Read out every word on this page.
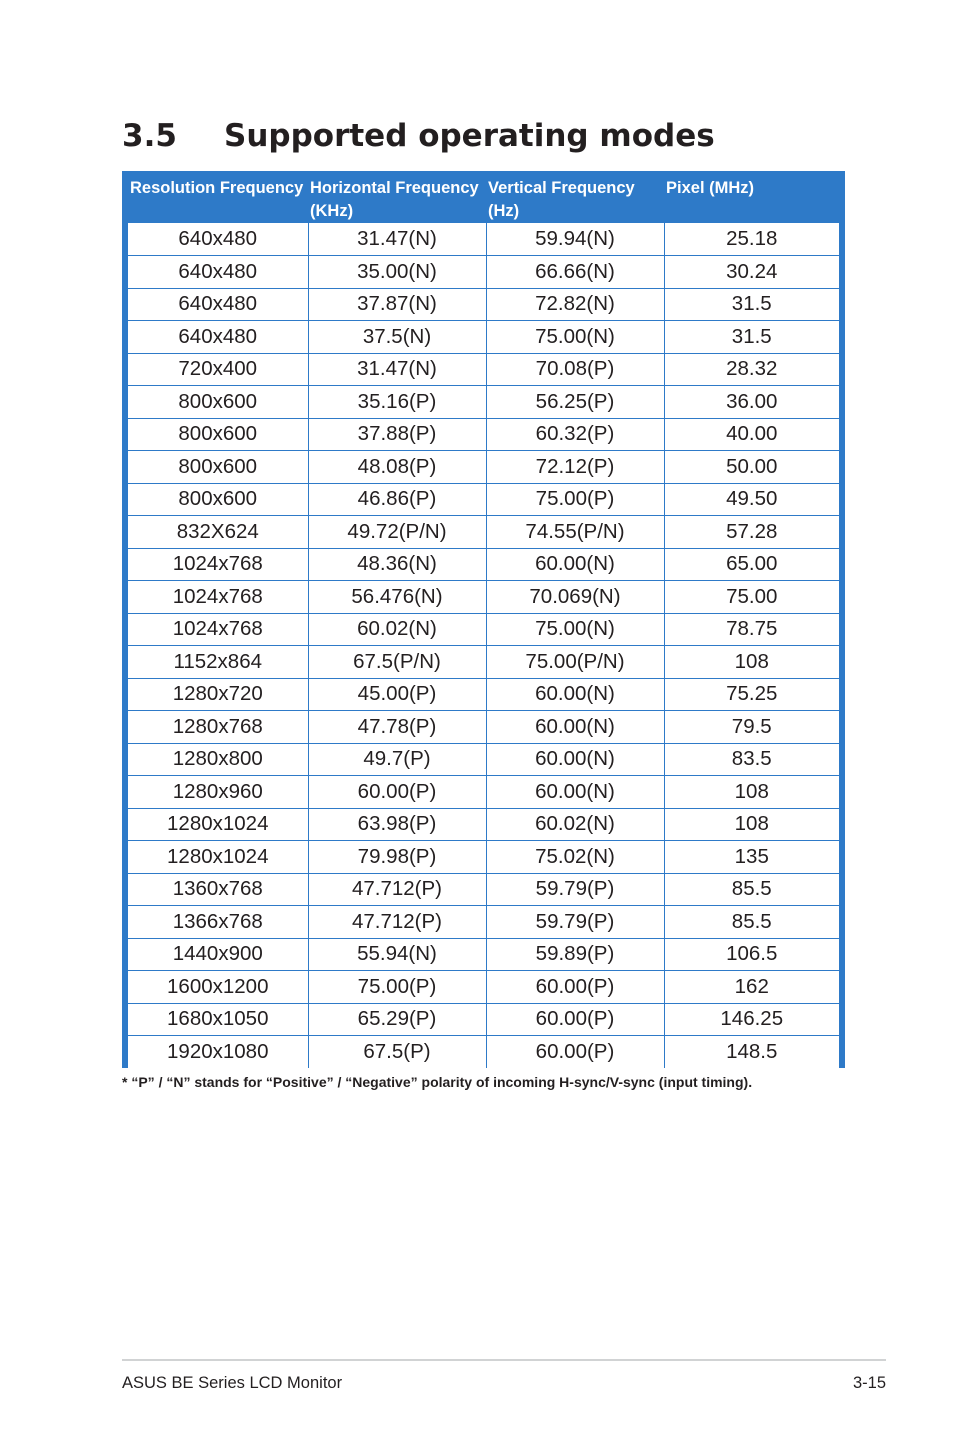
3.5 Supported operating modes
Resolution Frequency	Horizontal Frequency (KHz)	Vertical Frequency (Hz)	Pixel (MHz)
640x480	31.47(N)	59.94(N)	25.18
640x480	35.00(N)	66.66(N)	30.24
640x480	37.87(N)	72.82(N)	31.5
640x480	37.5(N)	75.00(N)	31.5
720x400	31.47(N)	70.08(P)	28.32
800x600	35.16(P)	56.25(P)	36.00
800x600	37.88(P)	60.32(P)	40.00
800x600	48.08(P)	72.12(P)	50.00
800x600	46.86(P)	75.00(P)	49.50
832X624	49.72(P/N)	74.55(P/N)	57.28
1024x768	48.36(N)	60.00(N)	65.00
1024x768	56.476(N)	70.069(N)	75.00
1024x768	60.02(N)	75.00(N)	78.75
1152x864	67.5(P/N)	75.00(P/N)	108
1280x720	45.00(P)	60.00(N)	75.25
1280x768	47.78(P)	60.00(N)	79.5
1280x800	49.7(P)	60.00(N)	83.5
1280x960	60.00(P)	60.00(N)	108
1280x1024	63.98(P)	60.02(N)	108
1280x1024	79.98(P)	75.02(N)	135
1360x768	47.712(P)	59.79(P)	85.5
1366x768	47.712(P)	59.79(P)	85.5
1440x900	55.94(N)	59.89(P)	106.5
1600x1200	75.00(P)	60.00(P)	162
1680x1050	65.29(P)	60.00(P)	146.25
1920x1080	67.5(P)	60.00(P)	148.5

* “P” / “N” stands for “Positive” / “Negative” polarity of incoming H-sync/V-sync (input timing).

ASUS BE Series LCD Monitor	3-15
